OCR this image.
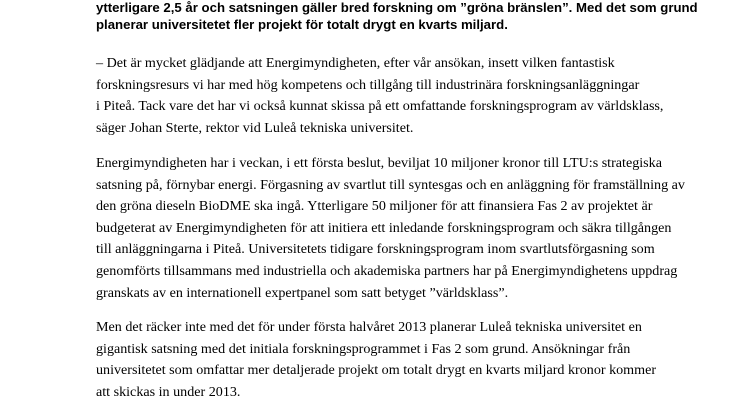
ytterligare 2,5 år och satsningen gäller bred forskning om ”gröna bränslen”. Med det som grund
planerar universitetet fler projekt för totalt drygt en kvarts miljard.
– Det är mycket glädjande att Energimyndigheten, efter vår ansökan, insett vilken fantastisk
forskningsresurs vi har med hög kompetens och tillgång till industrinära forskningsanläggningar
i Piteå. Tack vare det har vi också kunnat skissa på ett omfattande forskningsprogram av världsklass,
säger Johan Sterte, rektor vid Luleå tekniska universitet.
Energimyndigheten har i veckan, i ett första beslut, beviljat 10 miljoner kronor till LTU:s strategiska
satsning på, förnybar energi. Förgasning av svartlut till syntesgas och en anläggning för framställning av
den gröna dieseln BioDME ska ingå. Ytterligare 50 miljoner för att finansiera Fas 2 av projektet är
budgeterat av Energimyndigheten för att initiera ett inledande forskningsprogram och säkra tillgången
till anläggningarna i Piteå. Universitetets tidigare forskningsprogram inom svartlutsförgasning som
genomförts tillsammans med industriella och akademiska partners har på Energimyndighetens uppdrag
granskats av en internationell expertpanel som satt betyget ”världsklass”.
Men det räcker inte med det för under första halvåret 2013 planerar Luleå tekniska universitet en
gigantisk satsning med det initiala forskningsprogrammet i Fas 2 som grund. Ansökningar från
universitetet som omfattar mer detaljerade projekt om totalt drygt en kvarts miljard kronor kommer
att skickas in under 2013.
